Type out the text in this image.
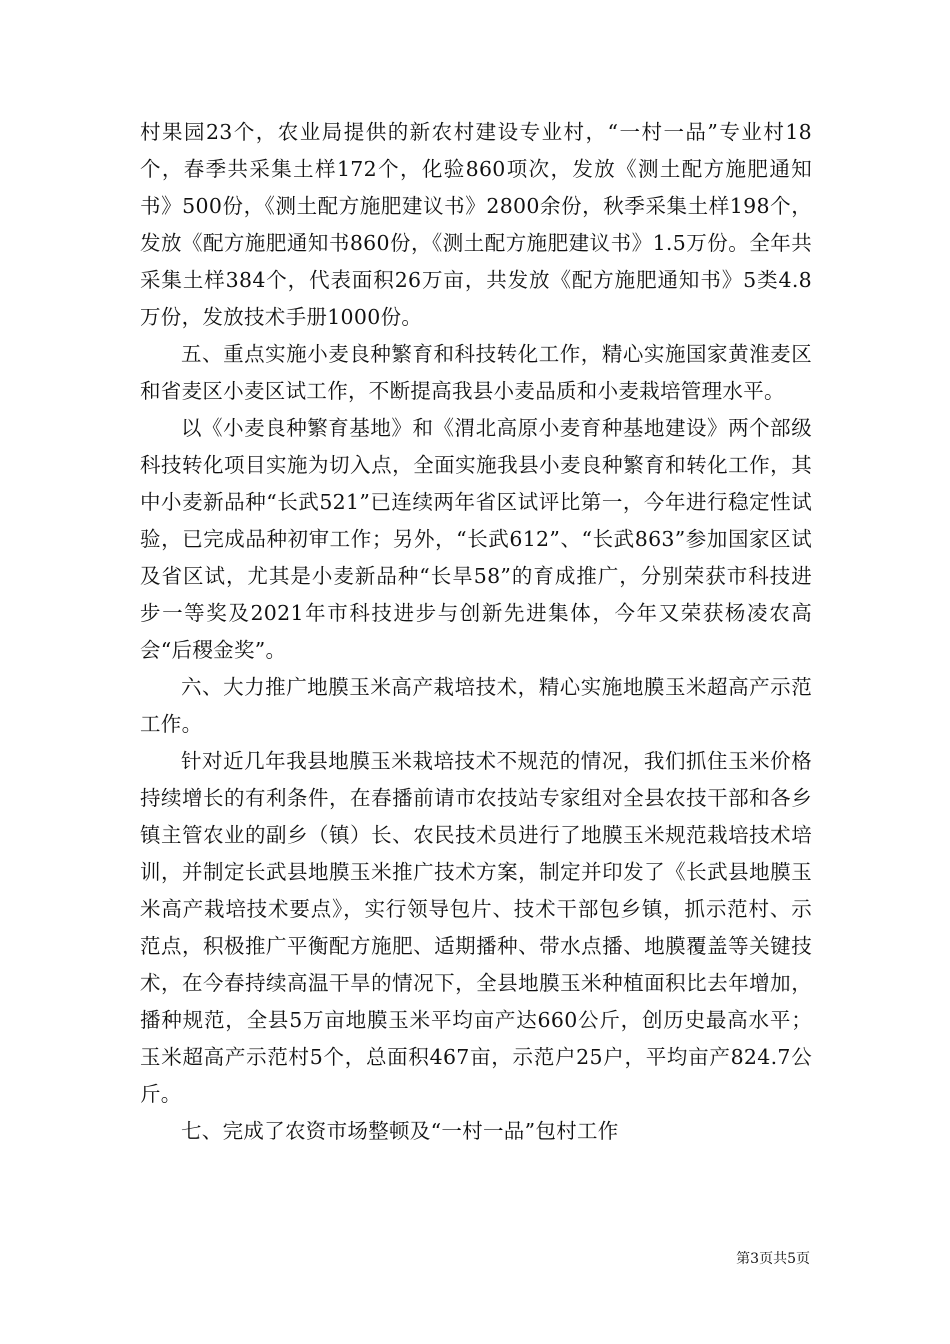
村果园23个，农业局提供的新农村建设专业村，“一村一品”专业村18个，春季共采集土样172个，化验860项次，发放《测土配方施肥通知书》500份，《测土配方施肥建议书》2800余份，秋季采集土样198个，发放《配方施肥通知书860份，《测土配方施肥建议书》1.5万份。全年共采集土样384个，代表面积26万亩，共发放《配方施肥通知书》5类4.8万份，发放技术手册1000份。

五、重点实施小麦良种繁育和科技转化工作，精心实施国家黄淮麦区和省麦区小麦区试工作，不断提高我县小麦品质和小麦栽培管理水平。

以《小麦良种繁育基地》和《渭北高原小麦育种基地建设》两个部级科技转化项目实施为切入点，全面实施我县小麦良种繁育和转化工作，其中小麦新品种“长武521”已连续两年省区试评比第一，今年进行稳定性试验，已完成品种初审工作；另外，“长武612”、“长武863”参加国家区试及省区试，尤其是小麦新品种“长旱58”的育成推广，分别荣获市科技进步一等奖及2021年市科技进步与创新先进集体，今年又荣获杨凌农高会“后稷金奖”。

六、大力推广地膜玉米高产栽培技术，精心实施地膜玉米超高产示范工作。

针对近几年我县地膜玉米栽培技术不规范的情况，我们抓住玉米价格持续增长的有利条件，在春播前请市农技站专家组对全县农技干部和各乡镇主管农业的副乡（镇）长、农民技术员进行了地膜玉米规范栽培技术培训，并制定长武县地膜玉米推广技术方案，制定并印发了《长武县地膜玉米高产栽培技术要点》，实行领导包片、技术干部包乡镇，抓示范村、示范点，积极推广平衡配方施肥、适期播种、带水点播、地膜覆盖等关键技术，在今春持续高温干旱的情况下，全县地膜玉米种植面积比去年增加，播种规范，全县5万亩地膜玉米平均亩产达660公斤，创历史最高水平；玉米超高产示范村5个，总面积467亩，示范户25户，平均亩产824.7公斤。

七、完成了农资市场整顿及“一村一品”包村工作

第3页共5页
